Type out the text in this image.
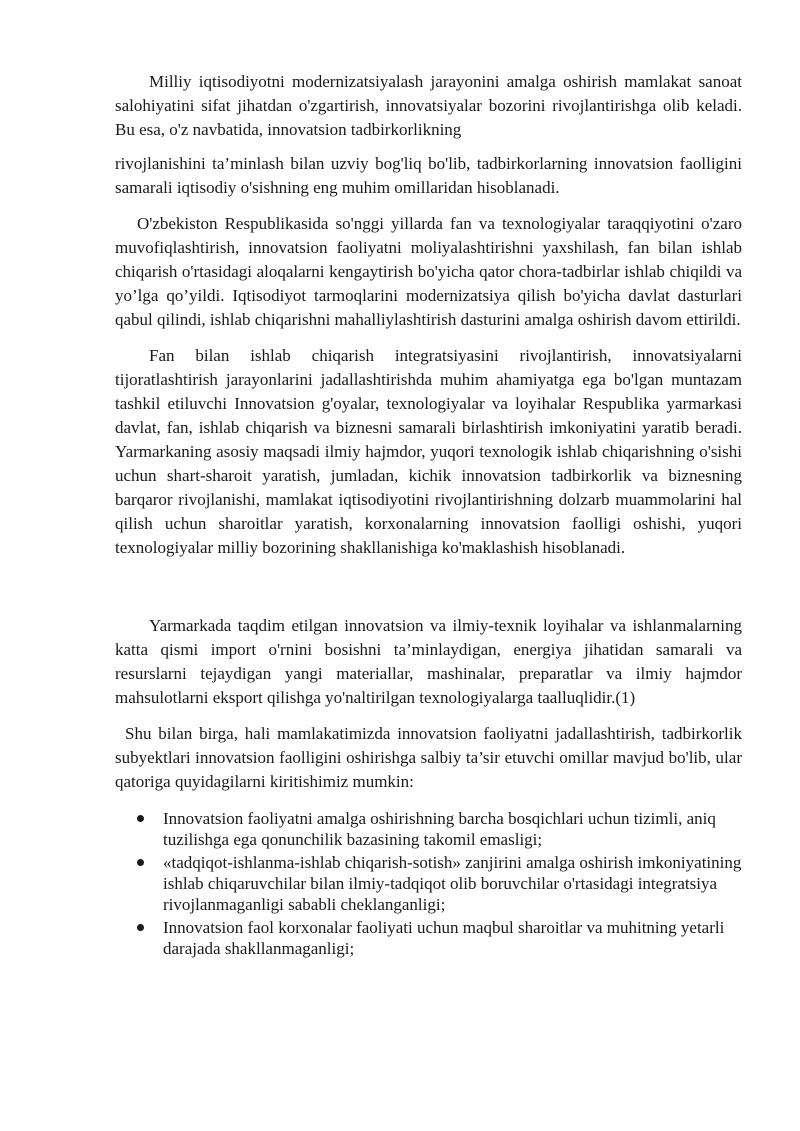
Milliy iqtisodiyotni modernizatsiyalash jarayonini amalga oshirish mamlakat sanoat salohiyatini sifat jihatdan o'zgartirish, innovatsiyalar bozorini rivojlantirishga olib keladi. Bu esa, o'z navbatida, innovatsion tadbirkorlikning

rivojlanishini ta’minlash bilan uzviy bog'liq bo'lib, tadbirkorlarning innovatsion faolligini samarali iqtisodiy o'sishning eng muhim omillaridan hisoblanadi.

O'zbekiston Respublikasida so'nggi yillarda fan va texnologiyalar taraqqiyotini o'zaro muvofiqlashtirish, innovatsion faoliyatni moliyalashtirishni yaxshilash, fan bilan ishlab chiqarish o'rtasidagi aloqalarni kengaytirish bo'yicha qator chora-tadbirlar ishlab chiqildi va yo’lga qo’yildi. Iqtisodiyot tarmoqlarini modernizatsiya qilish bo'yicha davlat dasturlari qabul qilindi, ishlab chiqarishni mahalliylashtirish dasturini amalga oshirish davom ettirildi.

Fan bilan ishlab chiqarish integratsiyasini rivojlantirish, innovatsiyalarni tijoratlashtirish jarayonlarini jadallashtirishda muhim ahamiyatga ega bo'lgan muntazam tashkil etiluvchi Innovatsion g'oyalar, texnologiyalar va loyihalar Respublika yarmarkasi davlat, fan, ishlab chiqarish va biznesni samarali birlashtirish imkoniyatini yaratib beradi. Yarmarkaning asosiy maqsadi ilmiy hajmdor, yuqori texnologik ishlab chiqarishning o'sishi uchun shart-sharoit yaratish, jumladan, kichik innovatsion tadbirkorlik va biznesning barqaror rivojlanishi, mamlakat iqtisodiyotini rivojlantirishning dolzarb muammolarini hal qilish uchun sharoitlar yaratish, korxonalarning innovatsion faolligi oshishi, yuqori texnologiyalar milliy bozorining shakllanishiga ko'maklashish hisoblanadi.

Yarmarkada taqdim etilgan innovatsion va ilmiy-texnik loyihalar va ishlanmalarning katta qismi import o'rnini bosishni ta’minlaydigan, energiya jihatidan samarali va resurslarni tejaydigan yangi materiallar, mashinalar, preparatlar va ilmiy hajmdor mahsulotlarni eksport qilishga yo'naltirilgan texnologiyalarga taalluqlidir.(1)

Shu bilan birga, hali mamlakatimizda innovatsion faoliyatni jadallashtirish, tadbirkorlik subyektlari innovatsion faolligini oshirishga salbiy ta’sir etuvchi omillar mavjud bo'lib, ular qatoriga quyidagilarni kiritishimiz mumkin:

Innovatsion faoliyatni amalga oshirishning barcha bosqichlari uchun tizimli, aniq tuzilishga ega qonunchilik bazasining takomil emasligi;
«tadqiqot-ishlanma-ishlab chiqarish-sotish» zanjirini amalga oshirish imkoniyatining ishlab chiqaruvchilar bilan ilmiy-tadqiqot olib boruvchilar o'rtasidagi integratsiya rivojlanmaganligi sababli cheklanganligi;
Innovatsion faol korxonalar faoliyati uchun maqbul sharoitlar va muhitning yetarli darajada shakllanmaganligi;
